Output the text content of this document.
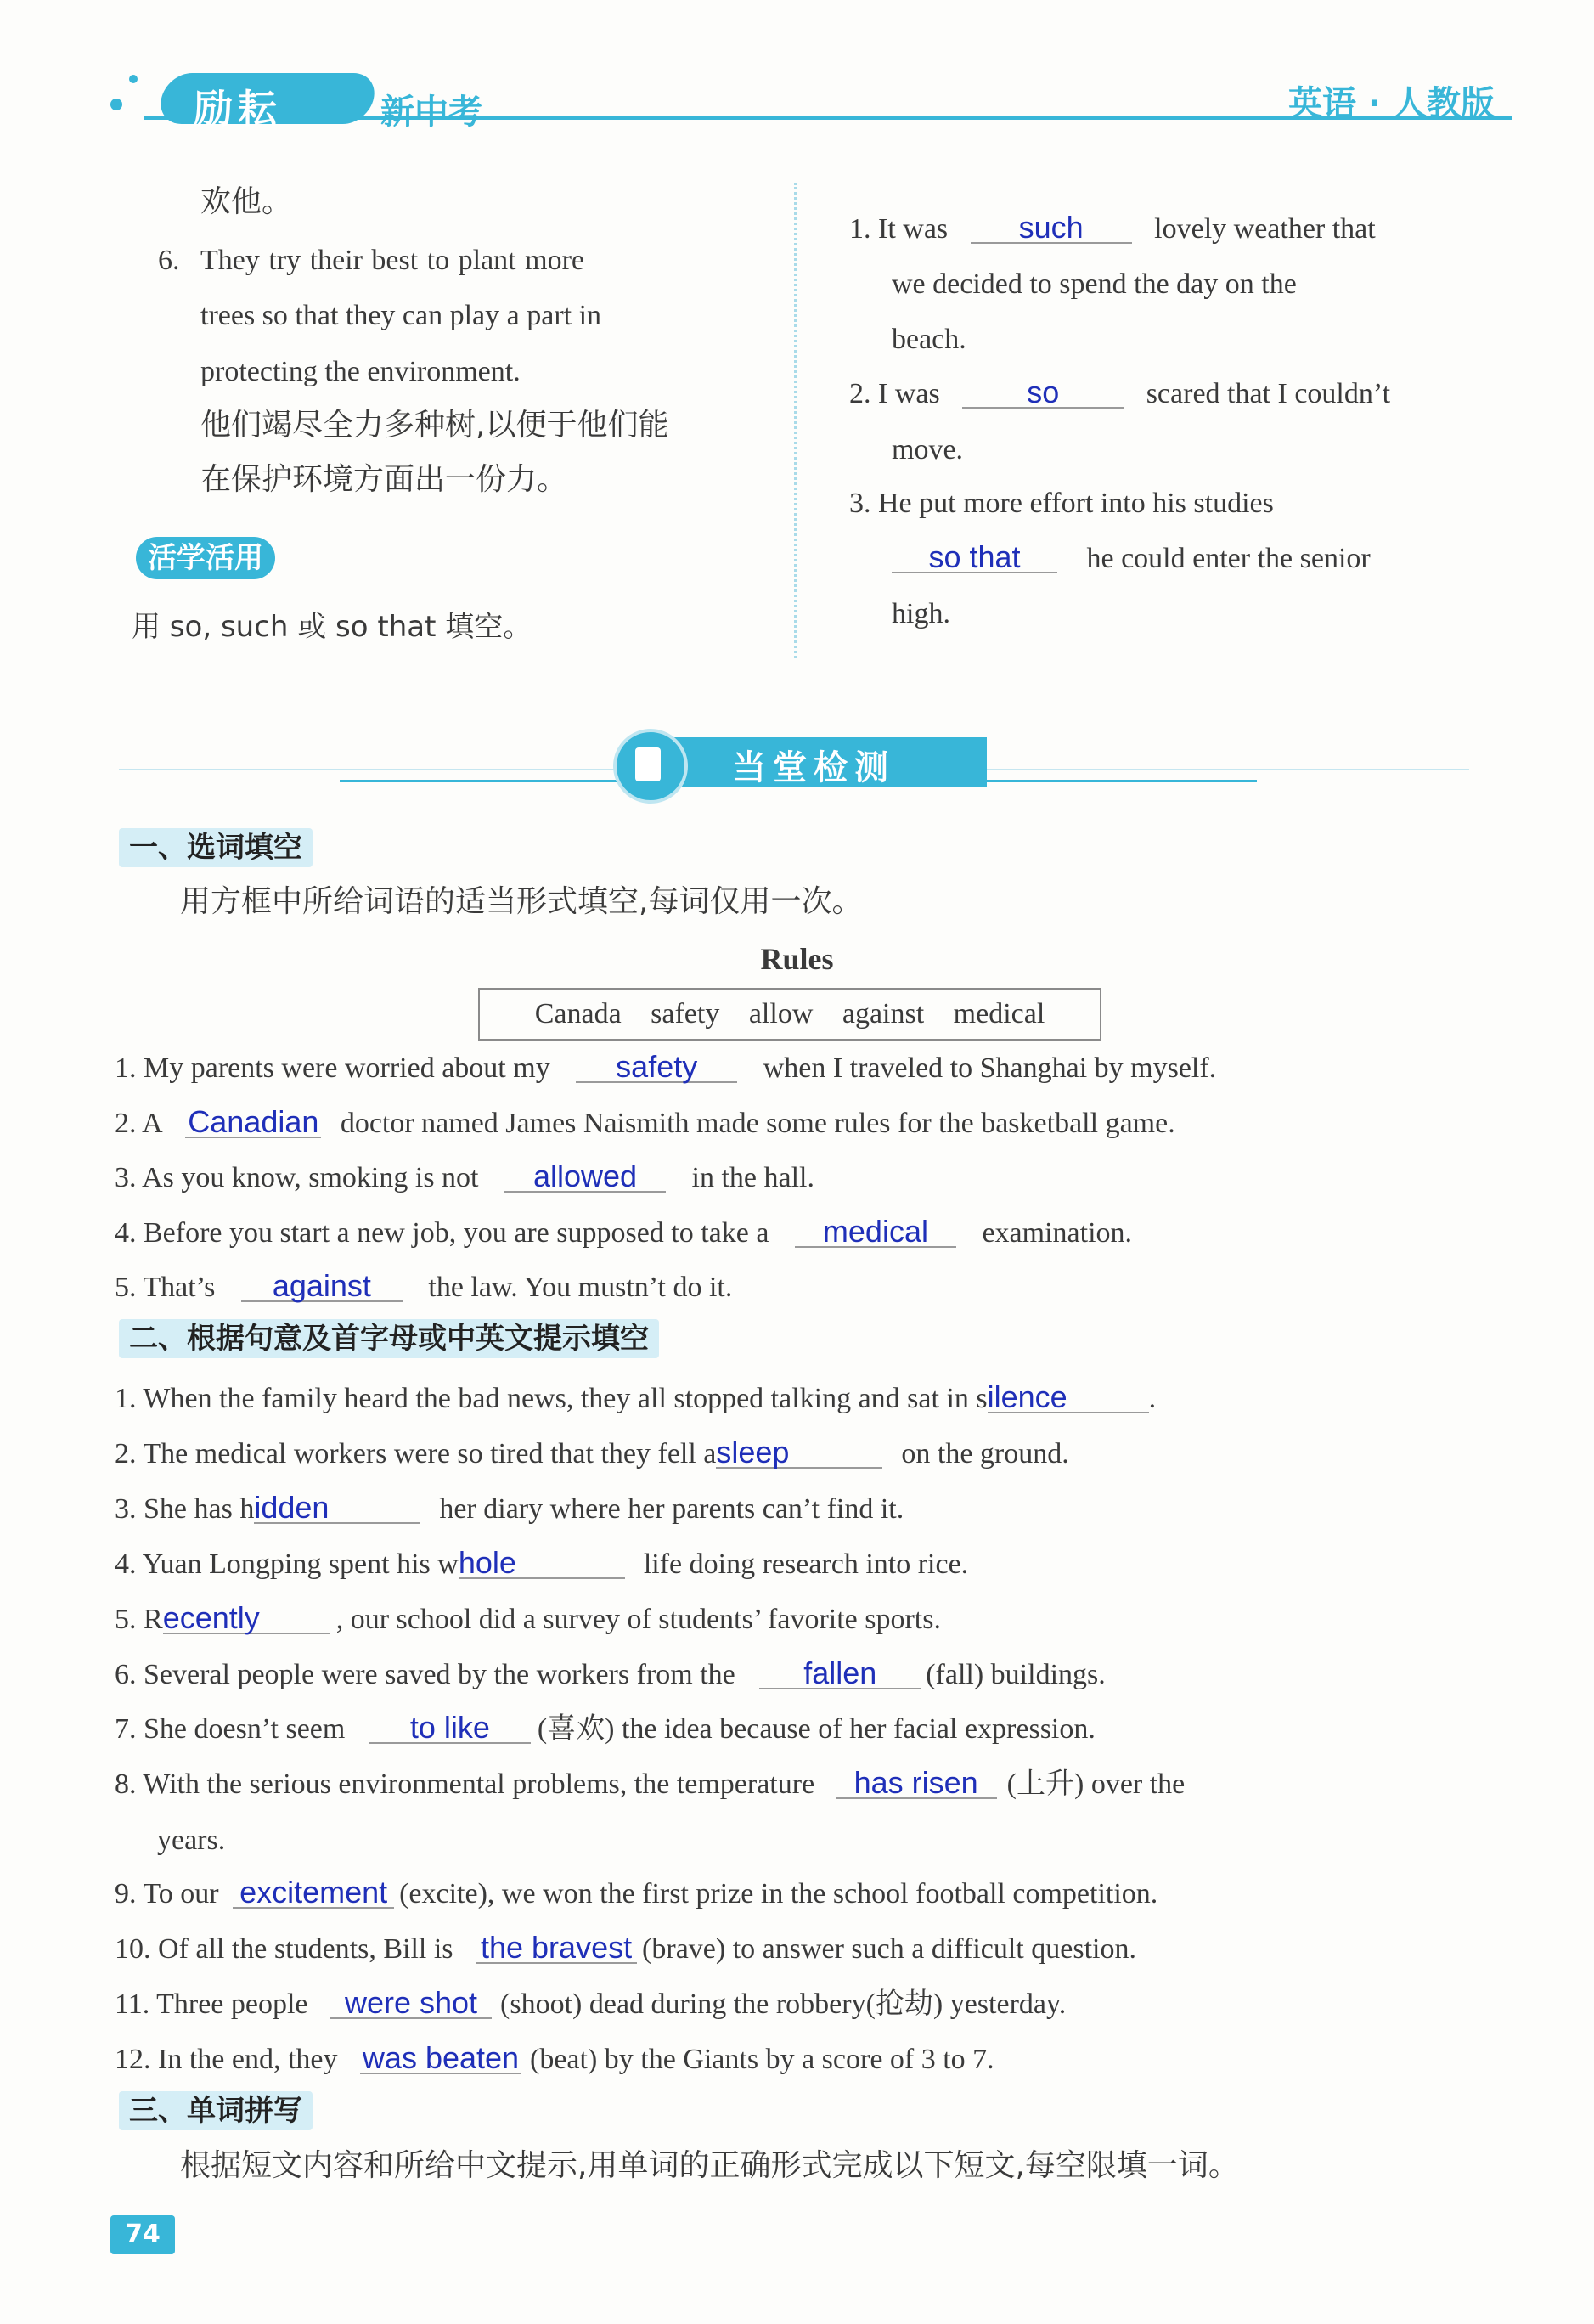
励耘	新中考	英语 · 人教版
欢他。
6. They try their best to plant more
trees so that they can play a part in
protecting the environment.
他们竭尽全力多种树,以便于他们能
在保护环境方面出一份力。
活学活用
用 so, such 或 so that 填空。
1. It was such lovely weather that
we decided to spend the day on the
beach.
2. I was	so	scared that I couldn’t
move.
3. He put more effort into his studies
so that he could enter the senior
high.
当堂检测
一、选词填空
用方框中所给词语的适当形式填空,每词仅用一次。
Rules
Canada safety allow against medical
1. My parents were worried about my safety when I traveled to Shanghai by myself.
2. A Canadian doctor named James Naismith made some rules for the basketball game.
3. As you know, smoking is not allowed in the hall.
4. Before you start a new job, you are supposed to take a medical examination.
5. That’s against the law. You mustn’t do it.
二、根据句意及首字母或中英文提示填空
1. When the family heard the bad news, they all stopped talking and sat in silence	.
2. The medical workers were so tired that they fell asleep	on the ground.
3. She has hidden	her diary where her parents can’t find it.
4. Yuan Longping spent his whole	life doing research into rice.
5. Recently	, our school did a survey of students’ favorite sports.
6. Several people were saved by the workers from the fallen (fall) buildings.
7. She doesn’t seem to like (喜欢) the idea because of her facial expression.
8. With the serious environmental problems, the temperature has risen (上升) over the
years.
9. To our excitement (excite), we won the first prize in the school football competition.
10. Of all the students, Bill is the bravest (brave) to answer such a difficult question.
11. Three people were shot (shoot) dead during the robbery(抢劫) yesterday.
12. In the end, they was beaten (beat) by the Giants by a score of 3 to 7.
三、单词拼写
根据短文内容和所给中文提示,用单词的正确形式完成以下短文,每空限填一词。
74
